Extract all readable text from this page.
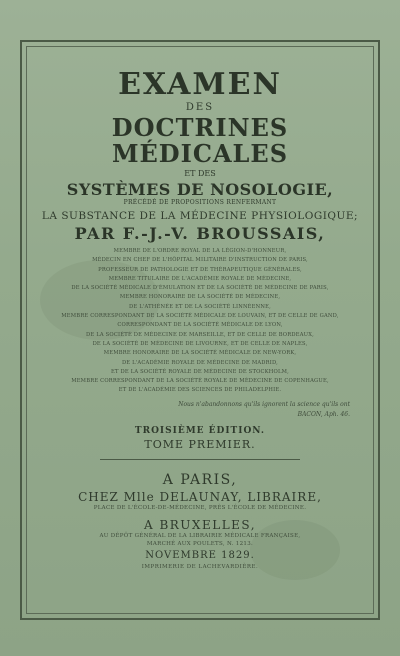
EXAMEN
DES
DOCTRINES MÉDICALES
ET DES
SYSTÈMES DE NOSOLOGIE,
PRÉCÉDÉ DE PROPOSITIONS RENFERMANT
LA SUBSTANCE DE LA MÉDECINE PHYSIOLOGIQUE;
PAR F.-J.-V. BROUSSAIS,
MEMBRE DE L'ORDRE ROYAL DE LA LÉGION-D'HONNEUR,
MÉDECIN EN CHEF DE L'HÔPITAL MILITAIRE D'INSTRUCTION DE PARIS,
PROFESSEUR DE PATHOLOGIE ET DE THÉRAPEUTIQUE GÉNÉRALES,
MEMBRE TITULAIRE DE L'ACADÉMIE ROYALE DE MÉDECINE,
DE LA SOCIÉTÉ MÉDICALE D'ÉMULATION ET DE LA SOCIÉTÉ DE MÉDECINE DE PARIS,
MEMBRE HONORAIRE DE LA SOCIÉTÉ DE MÉDECINE,
DE L'ATHÉNÉE ET DE LA SOCIÉTÉ LINNÉENNE,
MEMBRE CORRESPONDANT DE LA SOCIÉTÉ MÉDICALE DE LOUVAIN, ET DE CELLE DE GAND,
CORRESPONDANT DE LA SOCIÉTÉ MÉDICALE DE LYON,
DE LA SOCIÉTÉ DE MÉDECINE DE MARSEILLE, ET DE CELLE DE BORDEAUX,
DE LA SOCIÉTÉ DE MÉDECINE DE LIVOURNE, ET DE CELLE DE NAPLES,
MEMBRE HONORAIRE DE LA SOCIÉTÉ MÉDICALE DE NEW-YORK,
DE L'ACADÉMIE ROYALE DE MÉDECINE DE MADRID,
ET DE LA SOCIÉTÉ ROYALE DE MÉDECINE DE STOCKHOLM,
MEMBRE CORRESPONDANT DE LA SOCIÉTÉ ROYALE DE MÉDECINE DE COPENHAGUE,
ET DE L'ACADÉMIE DES SCIENCES DE PHILADELPHIE.
Nous n'abandonnons qu'ils ignorent la science qu'ils ont
BACON, Aph. 46.
TROISIÈME ÉDITION.
TOME PREMIER.
A PARIS,
CHEZ Mlle DELAUNAY, LIBRAIRE,
PLACE DE L'ÉCOLE-DE-MÉDECINE, PRÈS L'ÉCOLE DE MÉDECINE.
A BRUXELLES,
AU DÉPÔT GÉNÉRAL DE LA LIBRAIRIE MÉDICALE FRANÇAISE,
MARCHÉ AUX POULETS, N. 1213.
NOVEMBRE 1829.
IMPRIMERIE DE LACHEVARDIÈRE.
